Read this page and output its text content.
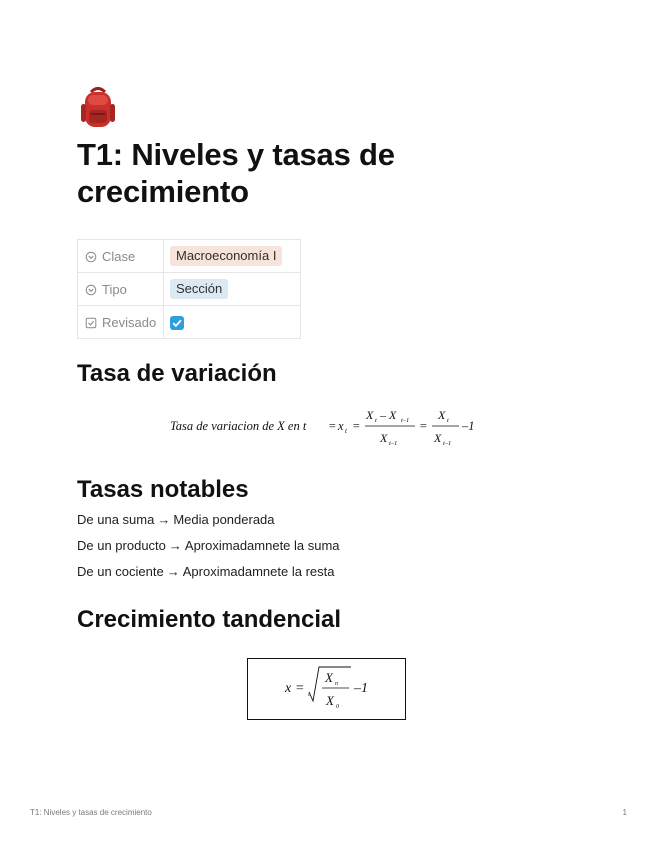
T1: Niveles y tasas de crecimiento
Clase	Macroeconomía I
Tipo	Sección
Revisado	
Tasa de variación
Tasa de variacion de X en t = x t =
X t – X t–1
X t–1
=
X t
X t–1
–1
Tasas notables
De una suma → Media ponderada
De un producto → Aproximadamnete la suma
De un cociente → Aproximadamnete la resta
Crecimiento tandencial
x = n
X n
X 0
–1
T1: Niveles y tasas de crecimiento	1
